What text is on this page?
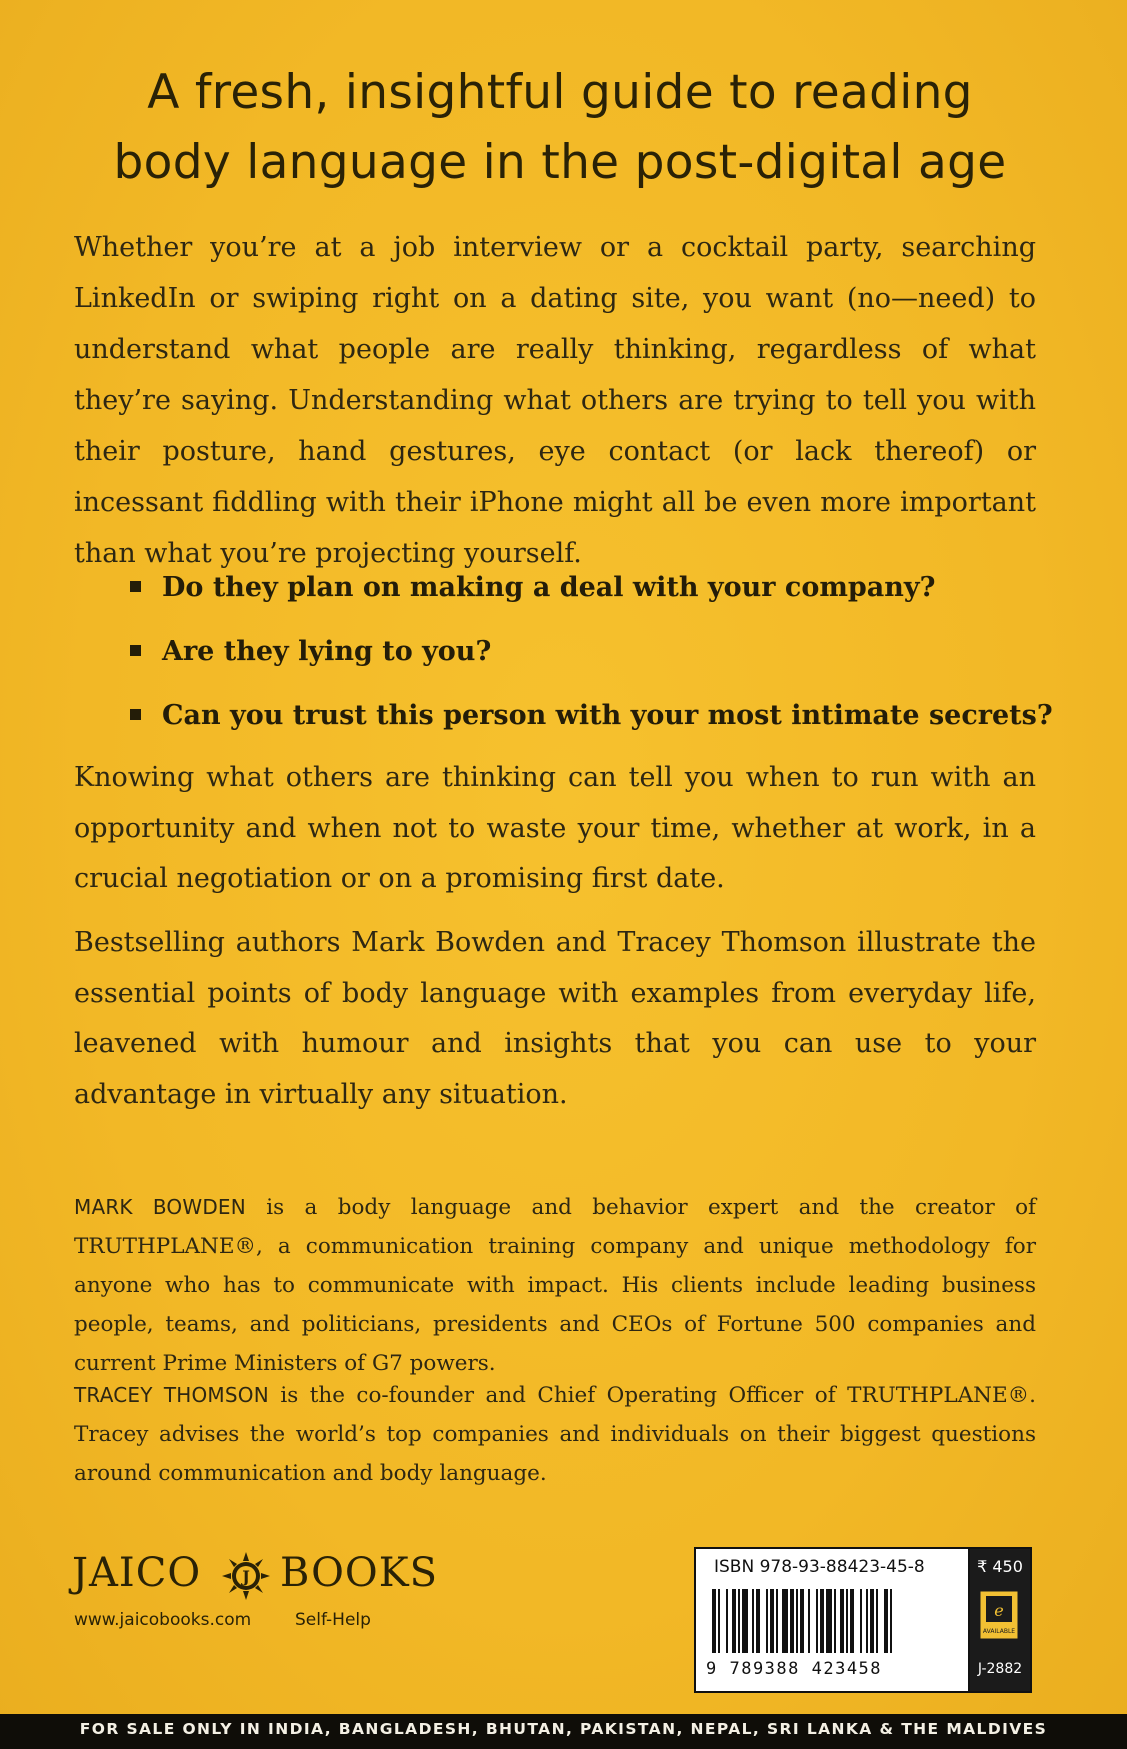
A fresh, insightful guide to reading
body language in the post-digital age

Whether you’re at a job interview or a cocktail party, searching LinkedIn or swiping right on a dating site, you want (no—need) to understand what people are really thinking, regardless of what they’re saying. Understanding what others are trying to tell you with their posture, hand gestures, eye contact (or lack thereof) or incessant fiddling with their iPhone might all be even more important than what you’re projecting yourself.

Do they plan on making a deal with your company?
Are they lying to you?
Can you trust this person with your most intimate secrets?

Knowing what others are thinking can tell you when to run with an opportunity and when not to waste your time, whether at work, in a crucial negotiation or on a promising first date.

Bestselling authors Mark Bowden and Tracey Thomson illustrate the essential points of body language with examples from everyday life, leavened with humour and insights that you can use to your advantage in virtually any situation.

MARK BOWDEN is a body language and behavior expert and the creator of TRUTHPLANE®, a communication training company and unique methodology for anyone who has to communicate with impact. His clients include leading business people, teams, and politicians, presidents and CEOs of Fortune 500 companies and current Prime Ministers of G7 powers.

TRACEY THOMSON is the co-founder and Chief Operating Officer of TRUTHPLANE®. Tracey advises the world’s top companies and individuals on their biggest questions around communication and body language.

JAICO	J BOOKS
www.jaicobooks.com	Self-Help
ISBN 978-93-88423-45-8
9 789388 423458
₹ 450
e
AVAILABLE
J-2882
FOR SALE ONLY IN INDIA, BANGLADESH, BHUTAN, PAKISTAN, NEPAL, SRI LANKA & THE MALDIVES
